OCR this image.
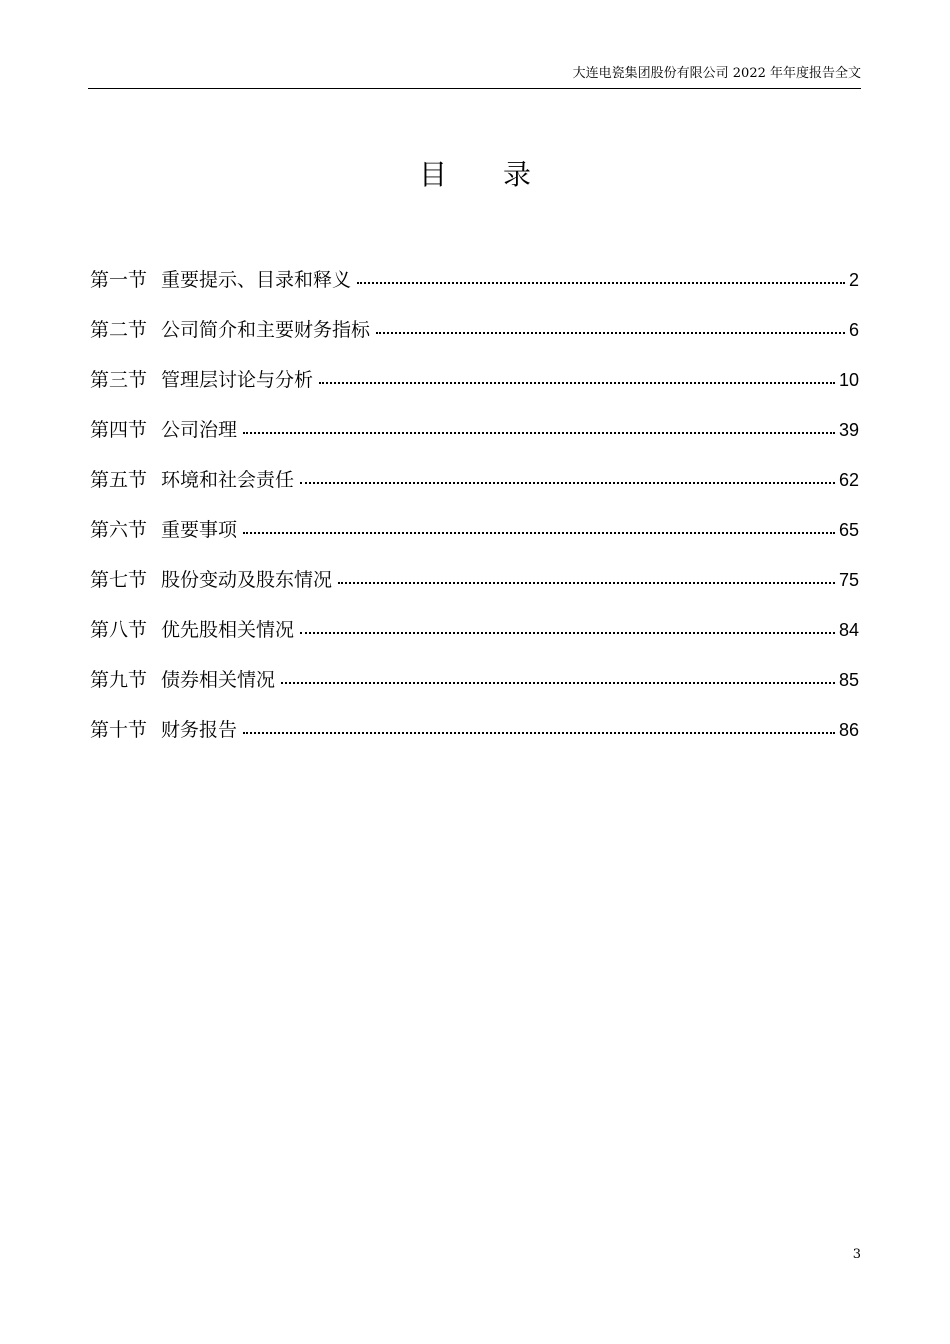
大连电瓷集团股份有限公司 2022 年年度报告全文
目　　录
第一节 重要提示、目录和释义	2
第二节 公司简介和主要财务指标	6
第三节 管理层讨论与分析	10
第四节 公司治理	39
第五节 环境和社会责任	62
第六节 重要事项	65
第七节 股份变动及股东情况	75
第八节 优先股相关情况	84
第九节 债券相关情况	85
第十节 财务报告	86
3
